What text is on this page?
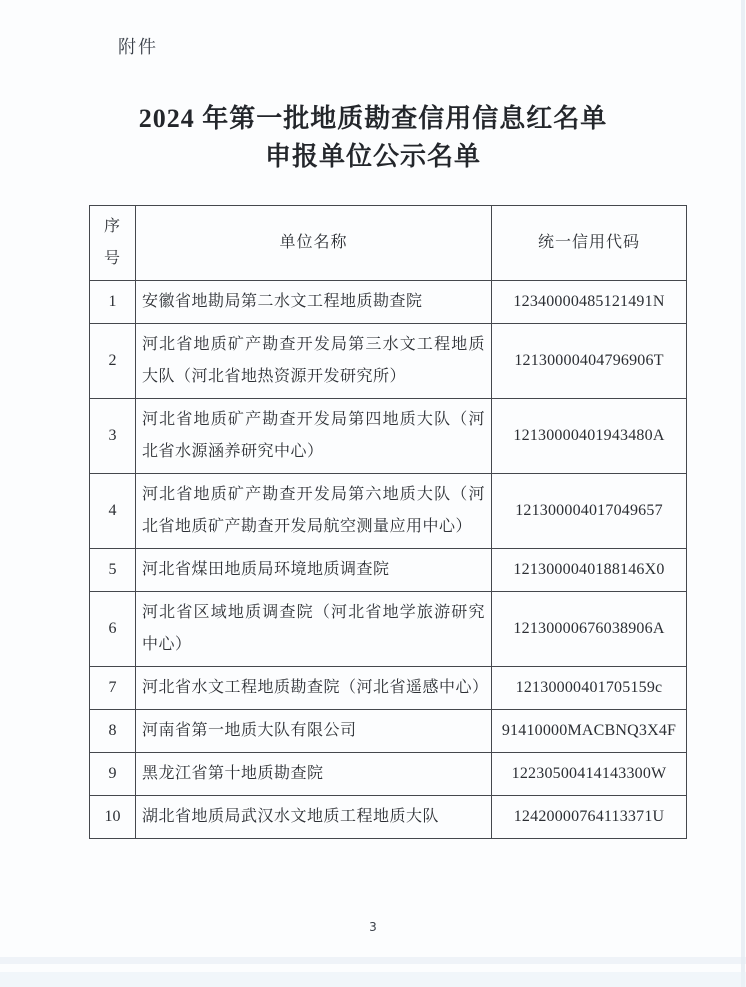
附件
2024 年第一批地质勘查信用信息红名单
申报单位公示名单
序号	单位名称	统一信用代码
1	安徽省地勘局第二水文工程地质勘查院	12340000485121491N
2	河北省地质矿产勘查开发局第三水文工程地质大队（河北省地热资源开发研究所）	12130000404796906T
3	河北省地质矿产勘查开发局第四地质大队（河北省水源涵养研究中心）	12130000401943480A
4	河北省地质矿产勘查开发局第六地质大队（河北省地质矿产勘查开发局航空测量应用中心）	121300004017049657
5	河北省煤田地质局环境地质调查院	1213000040188146X0
6	河北省区域地质调查院（河北省地学旅游研究中心）	12130000676038906A
7	河北省水文工程地质勘查院（河北省遥感中心）	12130000401705159c
8	河南省第一地质大队有限公司	91410000MACBNQ3X4F
9	黑龙江省第十地质勘查院	12230500414143300W
10	湖北省地质局武汉水文地质工程地质大队	12420000764113371U
3
